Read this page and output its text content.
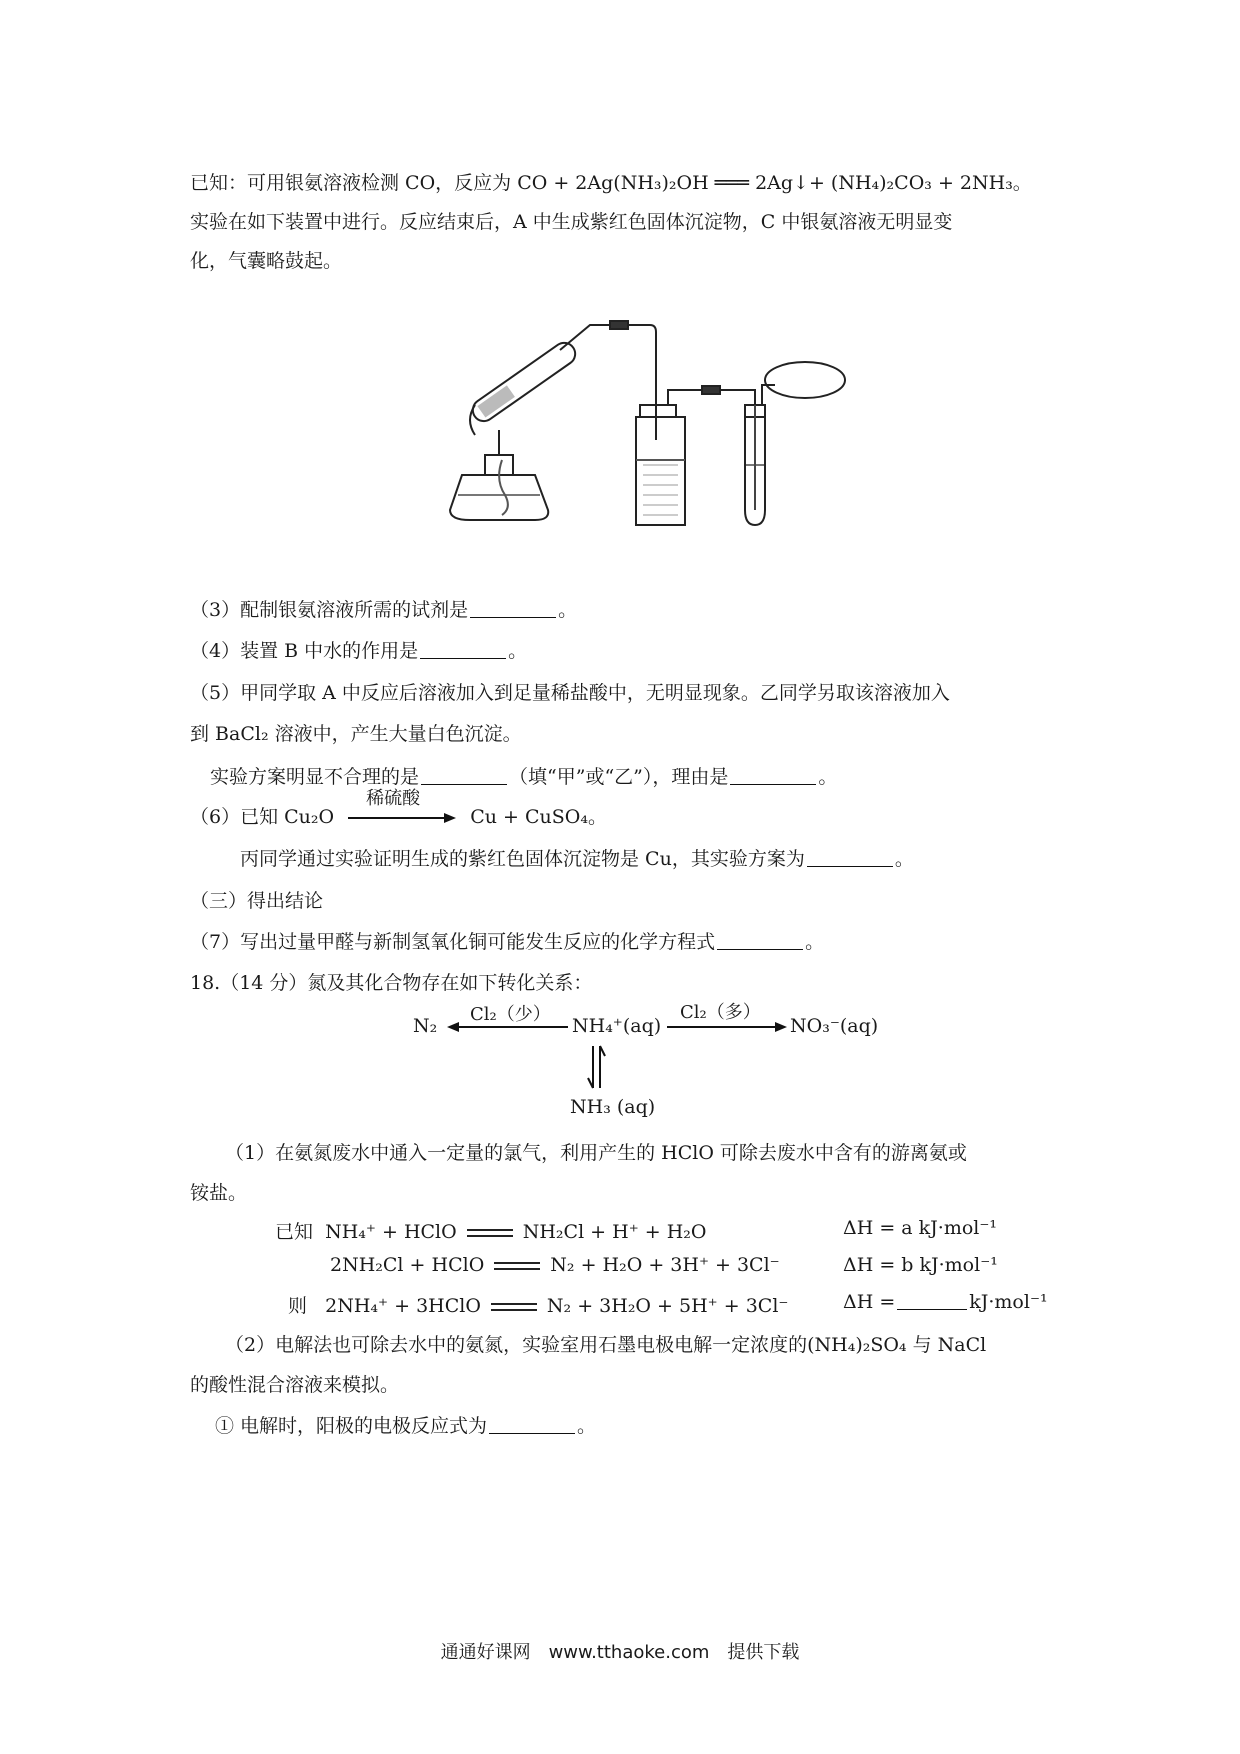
已知：可用银氨溶液检测 CO，反应为 CO + 2Ag(NH₃)₂OH ═══ 2Ag↓+ (NH₄)₂CO₃ + 2NH₃。
实验在如下装置中进行。反应结束后，A 中生成紫红色固体沉淀物，C 中银氨溶液无明显变
化，气囊略鼓起。
（3）配制银氨溶液所需的试剂是	。
（4）装置 B 中水的作用是	。
（5）甲同学取 A 中反应后溶液加入到足量稀盐酸中，无明显现象。乙同学另取该溶液加入
到 BaCl₂ 溶液中，产生大量白色沉淀。
实验方案明显不合理的是	（填“甲”或“乙”），理由是	。
（6）已知 Cu₂O
稀硫酸
Cu + CuSO₄。
丙同学通过实验证明生成的紫红色固体沉淀物是 Cu，其实验方案为	。
（三）得出结论
（7）写出过量甲醛与新制氢氧化铜可能发生反应的化学方程式	。
18.（14 分）氮及其化合物存在如下转化关系：
N₂
Cl₂（少）
NH₄⁺(aq)
Cl₂（多）
NO₃⁻(aq)
NH₃ (aq)
（1）在氨氮废水中通入一定量的氯气，利用产生的 HClO 可除去废水中含有的游离氨或
铵盐。
已知 NH₄⁺ + HClO	NH₂Cl + H⁺ + H₂O	ΔH = a kJ·mol⁻¹
2NH₂Cl + HClO	N₂ + H₂O + 3H⁺ + 3Cl⁻	ΔH = b kJ·mol⁻¹
则 2NH₄⁺ + 3HClO	N₂ + 3H₂O + 5H⁺ + 3Cl⁻	ΔH =	kJ·mol⁻¹
（2）电解法也可除去水中的氨氮，实验室用石墨电极电解一定浓度的(NH₄)₂SO₄ 与 NaCl
的酸性混合溶液来模拟。
① 电解时，阳极的电极反应式为	。
通通好课网　www.tthaoke.com　提供下载
